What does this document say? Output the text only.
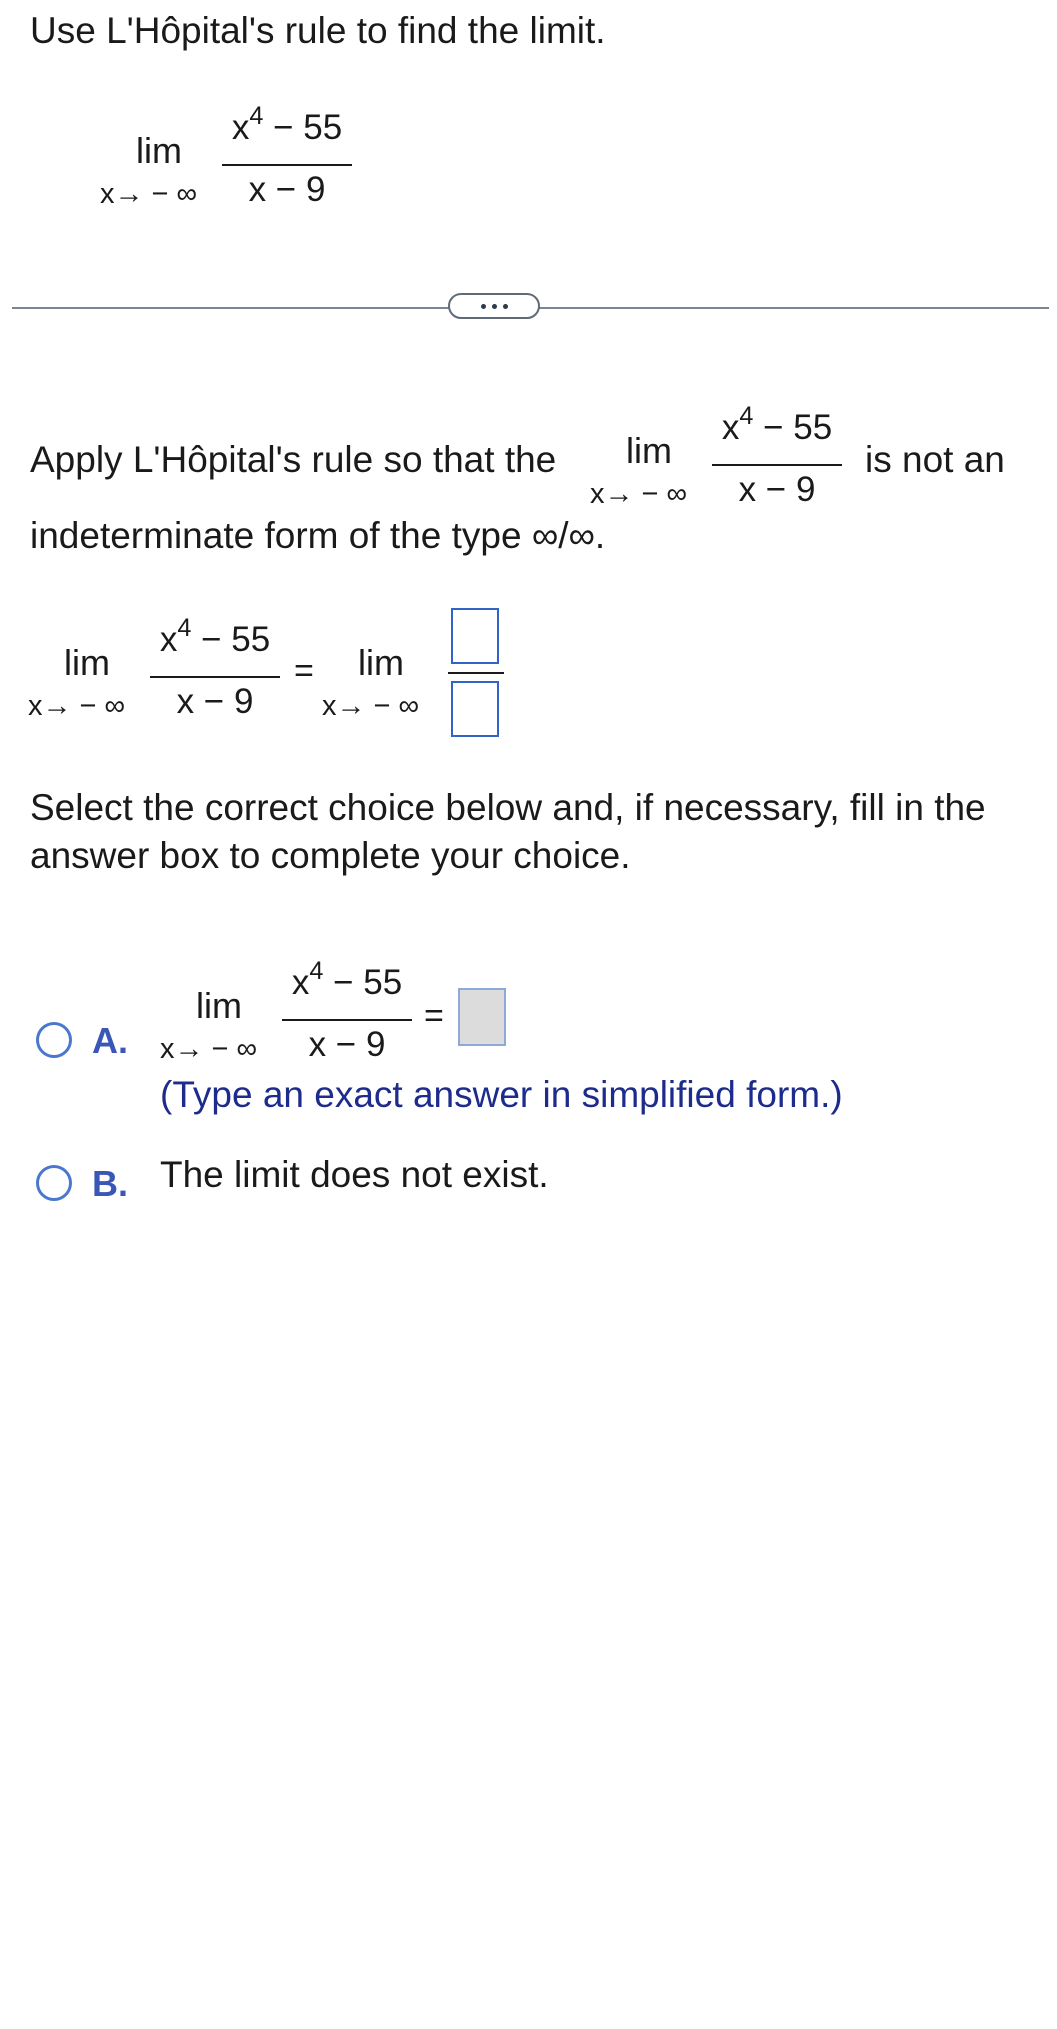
Use L'Hôpital's rule to find the limit.
lim
x→ − ∞
$x^4 - 55$
x − 9
Apply L'Hôpital's rule so that the lim
x→ − ∞
$x^4 - 55$
x − 9
is not an
indeterminate form of the type ∞/∞.
lim
x→ − ∞
$x^4 - 55$
x − 9
= lim
x→ − ∞
Select the correct choice below and, if necessary, fill in the
answer box to complete your choice.
A.
lim
x→ − ∞
$x^4 - 55$
x − 9
=
(Type an exact answer in simplified form.)
B. The limit does not exist.
